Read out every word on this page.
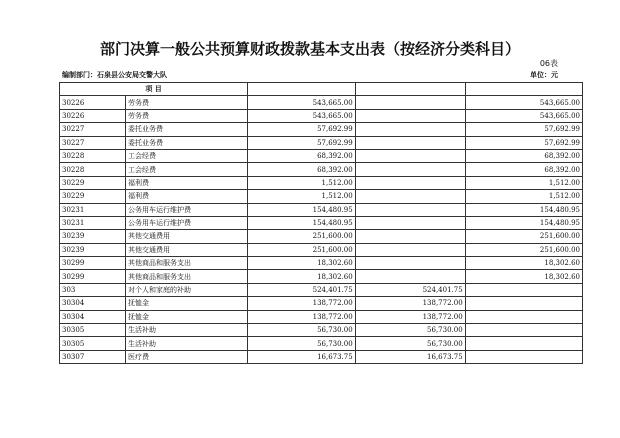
部门决算一般公共预算财政拨款基本支出表（按经济分类科目）
06表
编制部门：石泉县公安局交警大队	单位：元
项 目				
30226	劳务费	543,665.00		543,665.00
30226	劳务费	543,665.00		543,665.00
30227	委托业务费	57,692.99		57,692.99
30227	委托业务费	57,692.99		57,692.99
30228	工会经费	68,392.00		68,392.00
30228	工会经费	68,392.00		68,392.00
30229	福利费	1,512.00		1,512.00
30229	福利费	1,512.00		1,512.00
30231	公务用车运行维护费	154,480.95		154,480.95
30231	公务用车运行维护费	154,480.95		154,480.95
30239	其他交通费用	251,600.00		251,600.00
30239	其他交通费用	251,600.00		251,600.00
30299	其他商品和服务支出	18,302.60		18,302.60
30299	其他商品和服务支出	18,302.60		18,302.60
303	对个人和家庭的补助	524,401.75	524,401.75	
30304	抚恤金	138,772.00	138,772.00	
30304	抚恤金	138,772.00	138,772.00	
30305	生活补助	56,730.00	56,730.00	
30305	生活补助	56,730.00	56,730.00	
30307	医疗费	16,673.75	16,673.75	
